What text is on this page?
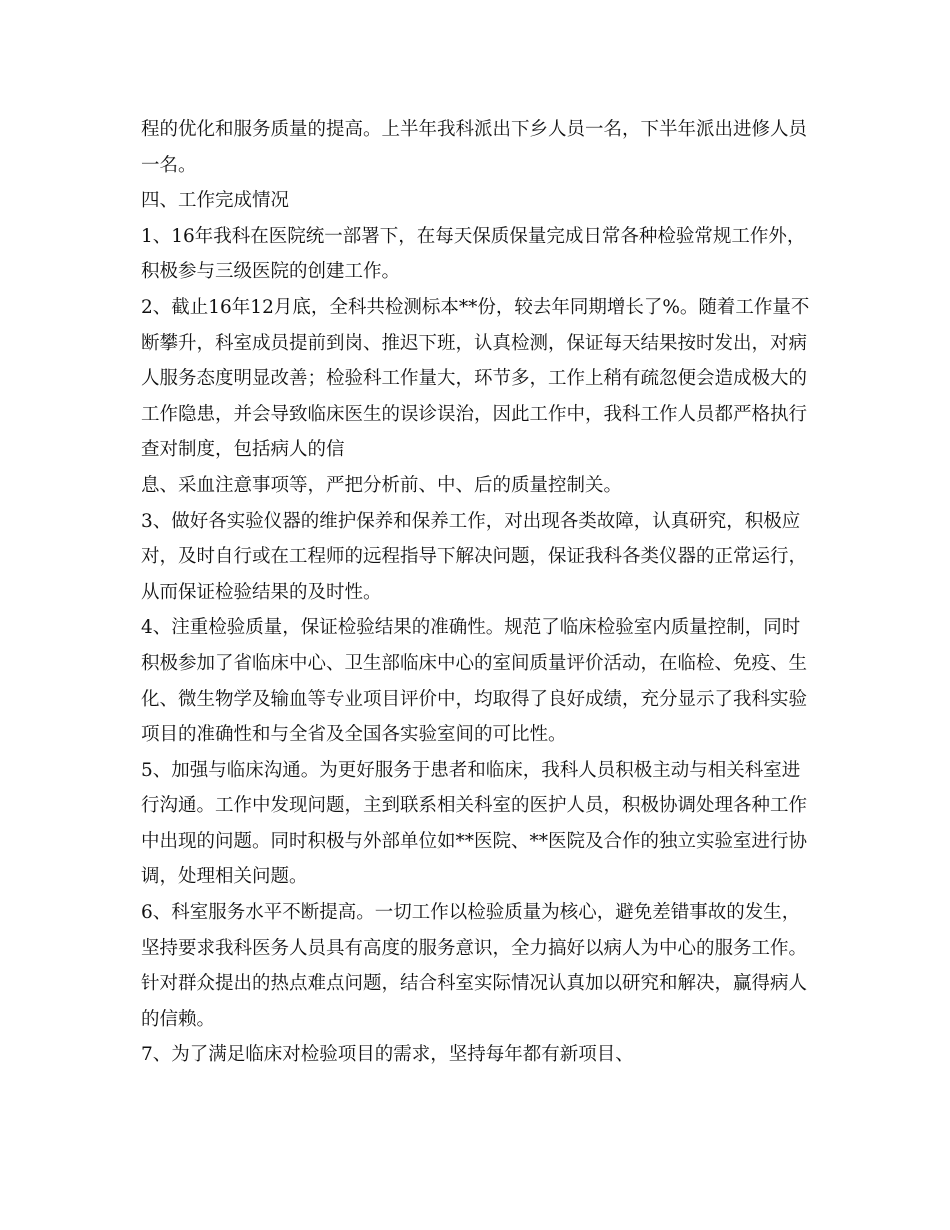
程的优化和服务质量的提高。上半年我科派出下乡人员一名，下半年派出进修人员
一名。
四、工作完成情况
1、16年我科在医院统一部署下，在每天保质保量完成日常各种检验常规工作外，
积极参与三级医院的创建工作。
2、截止16年12月底，全科共检测标本**份，较去年同期增长了%。随着工作量不
断攀升，科室成员提前到岗、推迟下班，认真检测，保证每天结果按时发出，对病
人服务态度明显改善；检验科工作量大，环节多，工作上稍有疏忽便会造成极大的
工作隐患，并会导致临床医生的误诊误治，因此工作中，我科工作人员都严格执行
查对制度，包括病人的信
息、采血注意事项等，严把分析前、中、后的质量控制关。
3、做好各实验仪器的维护保养和保养工作，对出现各类故障，认真研究，积极应
对，及时自行或在工程师的远程指导下解决问题，保证我科各类仪器的正常运行，
从而保证检验结果的及时性。
4、注重检验质量，保证检验结果的准确性。规范了临床检验室内质量控制，同时
积极参加了省临床中心、卫生部临床中心的室间质量评价活动，在临检、免疫、生
化、微生物学及输血等专业项目评价中，均取得了良好成绩，充分显示了我科实验
项目的准确性和与全省及全国各实验室间的可比性。
5、加强与临床沟通。为更好服务于患者和临床，我科人员积极主动与相关科室进
行沟通。工作中发现问题，主到联系相关科室的医护人员，积极协调处理各种工作
中出现的问题。同时积极与外部单位如**医院、**医院及合作的独立实验室进行协
调，处理相关问题。
6、科室服务水平不断提高。一切工作以检验质量为核心，避免差错事故的发生，
坚持要求我科医务人员具有高度的服务意识，全力搞好以病人为中心的服务工作。
针对群众提出的热点难点问题，结合科室实际情况认真加以研究和解决，赢得病人
的信赖。
7、为了满足临床对检验项目的需求，坚持每年都有新项目、
